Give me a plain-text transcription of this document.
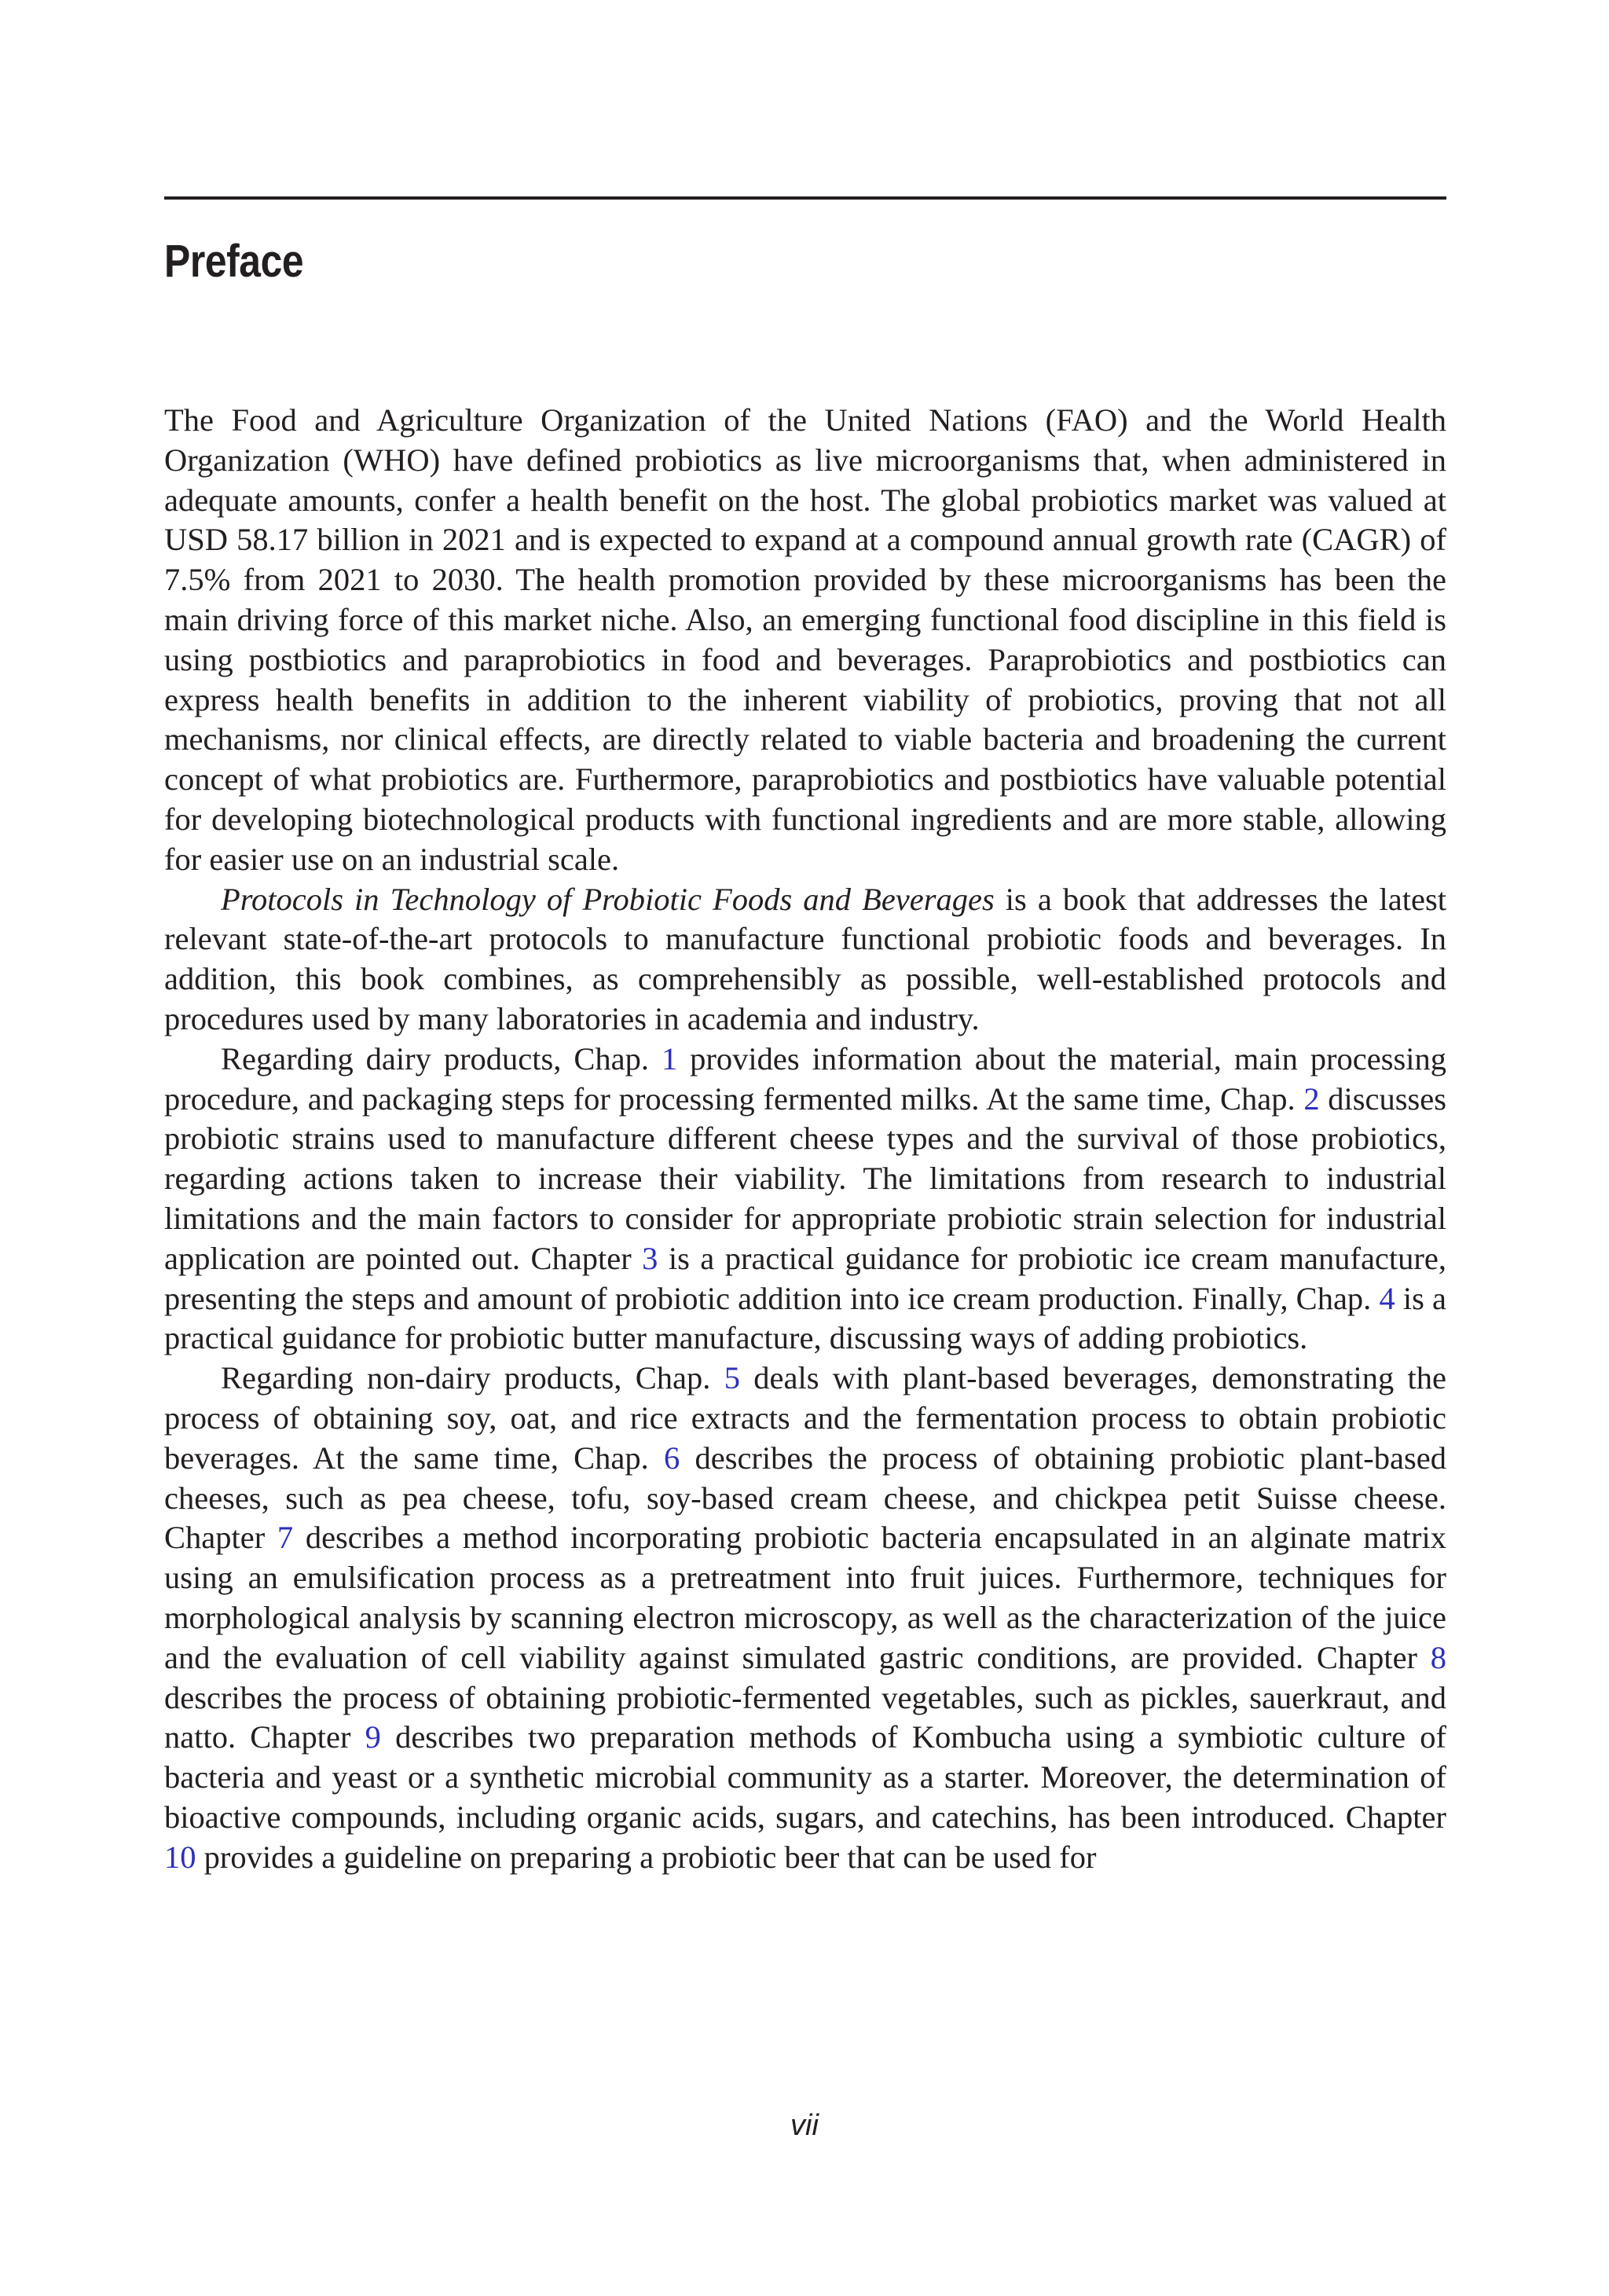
Preface

The Food and Agriculture Organization of the United Nations (FAO) and the World Health Organization (WHO) have defined probiotics as live microorganisms that, when administered in adequate amounts, confer a health benefit on the host. The global probiotics market was valued at USD 58.17 billion in 2021 and is expected to expand at a compound annual growth rate (CAGR) of 7.5% from 2021 to 2030. The health promotion provided by these microorganisms has been the main driving force of this market niche. Also, an emerging functional food discipline in this field is using postbiotics and paraprobiotics in food and beverages. Paraprobiotics and postbiotics can express health benefits in addition to the inherent viability of probiotics, proving that not all mechanisms, nor clinical effects, are directly related to viable bacteria and broadening the current concept of what probiotics are. Furthermore, paraprobiotics and postbiotics have valuable potential for developing biotechnological products with functional ingredients and are more stable, allowing for easier use on an industrial scale.

Protocols in Technology of Probiotic Foods and Beverages is a book that addresses the latest relevant state-of-the-art protocols to manufacture functional probiotic foods and beverages. In addition, this book combines, as comprehensibly as possible, well-established protocols and procedures used by many laboratories in academia and industry.

Regarding dairy products, Chap. 1 provides information about the material, main processing procedure, and packaging steps for processing fermented milks. At the same time, Chap. 2 discusses probiotic strains used to manufacture different cheese types and the survival of those probiotics, regarding actions taken to increase their viability. The limitations from research to industrial limitations and the main factors to consider for appropriate probiotic strain selection for industrial application are pointed out. Chapter 3 is a practical guidance for probiotic ice cream manufacture, presenting the steps and amount of probiotic addition into ice cream production. Finally, Chap. 4 is a practical guidance for probiotic butter manufacture, discussing ways of adding probiotics.

Regarding non-dairy products, Chap. 5 deals with plant-based beverages, demonstrating the process of obtaining soy, oat, and rice extracts and the fermentation process to obtain probiotic beverages. At the same time, Chap. 6 describes the process of obtaining probiotic plant-based cheeses, such as pea cheese, tofu, soy-based cream cheese, and chickpea petit Suisse cheese. Chapter 7 describes a method incorporating probiotic bacteria encapsulated in an alginate matrix using an emulsification process as a pretreatment into fruit juices. Furthermore, techniques for morphological analysis by scanning electron microscopy, as well as the characterization of the juice and the evaluation of cell viability against simulated gastric conditions, are provided. Chapter 8 describes the process of obtaining probiotic-fermented vegetables, such as pickles, sauerkraut, and natto. Chapter 9 describes two preparation methods of Kombucha using a symbiotic culture of bacteria and yeast or a synthetic microbial community as a starter. Moreover, the determination of bioactive compounds, including organic acids, sugars, and catechins, has been introduced. Chapter 10 provides a guideline on preparing a probiotic beer that can be used for

vii
